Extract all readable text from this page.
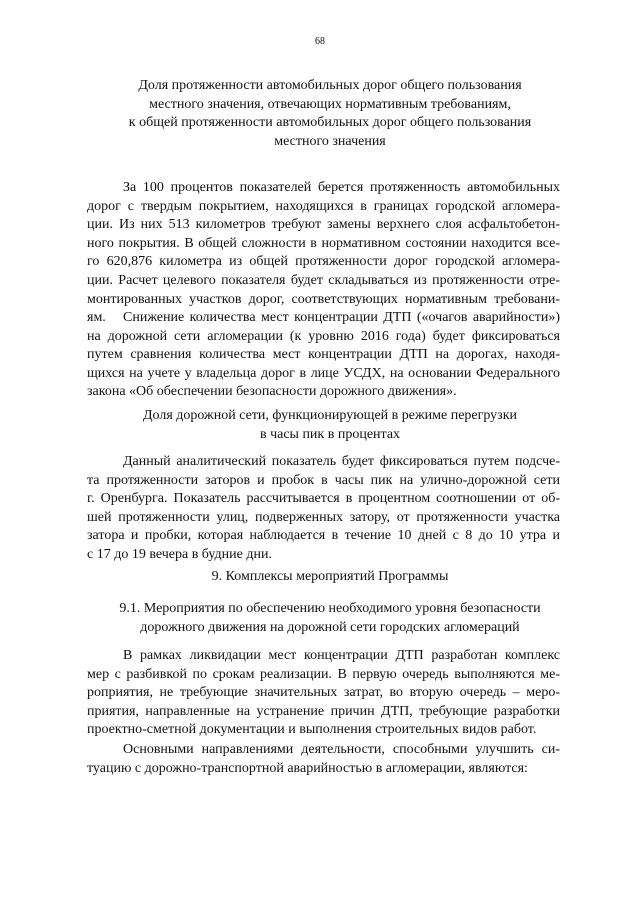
68
Доля протяженности автомобильных дорог общего пользования
местного значения, отвечающих нормативным требованиям,
к общей протяженности автомобильных дорог общего пользования
местного значения
За 100 процентов показателей берется протяженность автомобильных
дорог с твердым покрытием, находящихся в границах городской агломера-
ции. Из них 513 километров требуют замены верхнего слоя асфальтобетон-
ного покрытия. В общей сложности в нормативном состоянии находится все-
го 620,876 километра из общей протяженности дорог городской агломера-
ции. Расчет целевого показателя будет складываться из протяженности отре-
монтированных участков дорог, соответствующих нормативным требовани-
ям.	Снижение количества мест концентрации ДТП («очагов аварийности»)
на дорожной сети агломерации (к уровню 2016 года) будет фиксироваться
путем сравнения количества мест концентрации ДТП на дорогах, находя-
щихся на учете у владельца дорог в лице УСДХ, на основании Федерального
закона «Об обеспечении безопасности дорожного движения».
Доля дорожной сети, функционирующей в режиме перегрузки
в часы пик в процентах
Данный аналитический показатель будет фиксироваться путем подсче-
та протяженности заторов и пробок в часы пик на улично-дорожной сети
г. Оренбурга. Показатель рассчитывается в процентном соотношении от об-
шей протяженности улиц, подверженных затору, от протяженности участка
затора и пробки, которая наблюдается в течение 10 дней с 8 до 10 утра и
с 17 до 19 вечера в будние дни.
9. Комплексы мероприятий Программы
9.1. Мероприятия по обеспечению необходимого уровня безопасности
дорожного движения на дорожной сети городских агломераций
В рамках ликвидации мест концентрации ДТП разработан комплекс
мер с разбивкой по срокам реализации. В первую очередь выполняются ме-
роприятия, не требующие значительных затрат, во вторую очередь – меро-
приятия, направленные на устранение причин ДТП, требующие разработки
проектно-сметной документации и выполнения строительных видов работ.
Основными направлениями деятельности, способными улучшить си-
туацию с дорожно-транспортной аварийностью в агломерации, являются:
